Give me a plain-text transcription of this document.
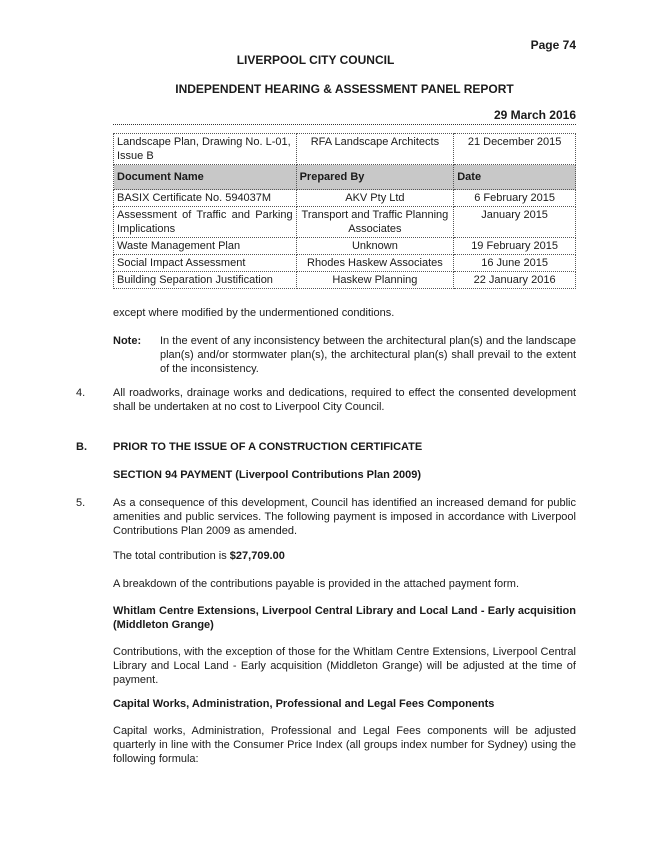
Page 74
LIVERPOOL CITY COUNCIL
INDEPENDENT HEARING & ASSESSMENT PANEL REPORT
29 March 2016
Landscape Plan, Drawing No. L-01, Issue B	RFA Landscape Architects	21 December 2015
Document Name	Prepared By	Date
BASIX Certificate No. 594037M	AKV Pty Ltd	6 February 2015
Assessment of Traffic and Parking Implications	Transport and Traffic Planning Associates	January 2015
Waste Management Plan	Unknown	19 February 2015
Social Impact Assessment	Rhodes Haskew Associates	16 June 2015
Building Separation Justification	Haskew Planning	22 January 2016

except where modified by the undermentioned conditions.

Note: In the event of any inconsistency between the architectural plan(s) and the landscape plan(s) and/or stormwater plan(s), the architectural plan(s) shall prevail to the extent of the inconsistency.

4.	All roadworks, drainage works and dedications, required to effect the consented development shall be undertaken at no cost to Liverpool City Council.

B. PRIOR TO THE ISSUE OF A CONSTRUCTION CERTIFICATE

SECTION 94 PAYMENT (Liverpool Contributions Plan 2009)

5.	As a consequence of this development, Council has identified an increased demand for public amenities and public services. The following payment is imposed in accordance with Liverpool Contributions Plan 2009 as amended.

The total contribution is $27,709.00

A breakdown of the contributions payable is provided in the attached payment form.

Whitlam Centre Extensions, Liverpool Central Library and Local Land - Early acquisition (Middleton Grange)

Contributions, with the exception of those for the Whitlam Centre Extensions, Liverpool Central Library and Local Land - Early acquisition (Middleton Grange) will be adjusted at the time of payment.

Capital Works, Administration, Professional and Legal Fees Components

Capital works, Administration, Professional and Legal Fees components will be adjusted quarterly in line with the Consumer Price Index (all groups index number for Sydney) using the following formula:
